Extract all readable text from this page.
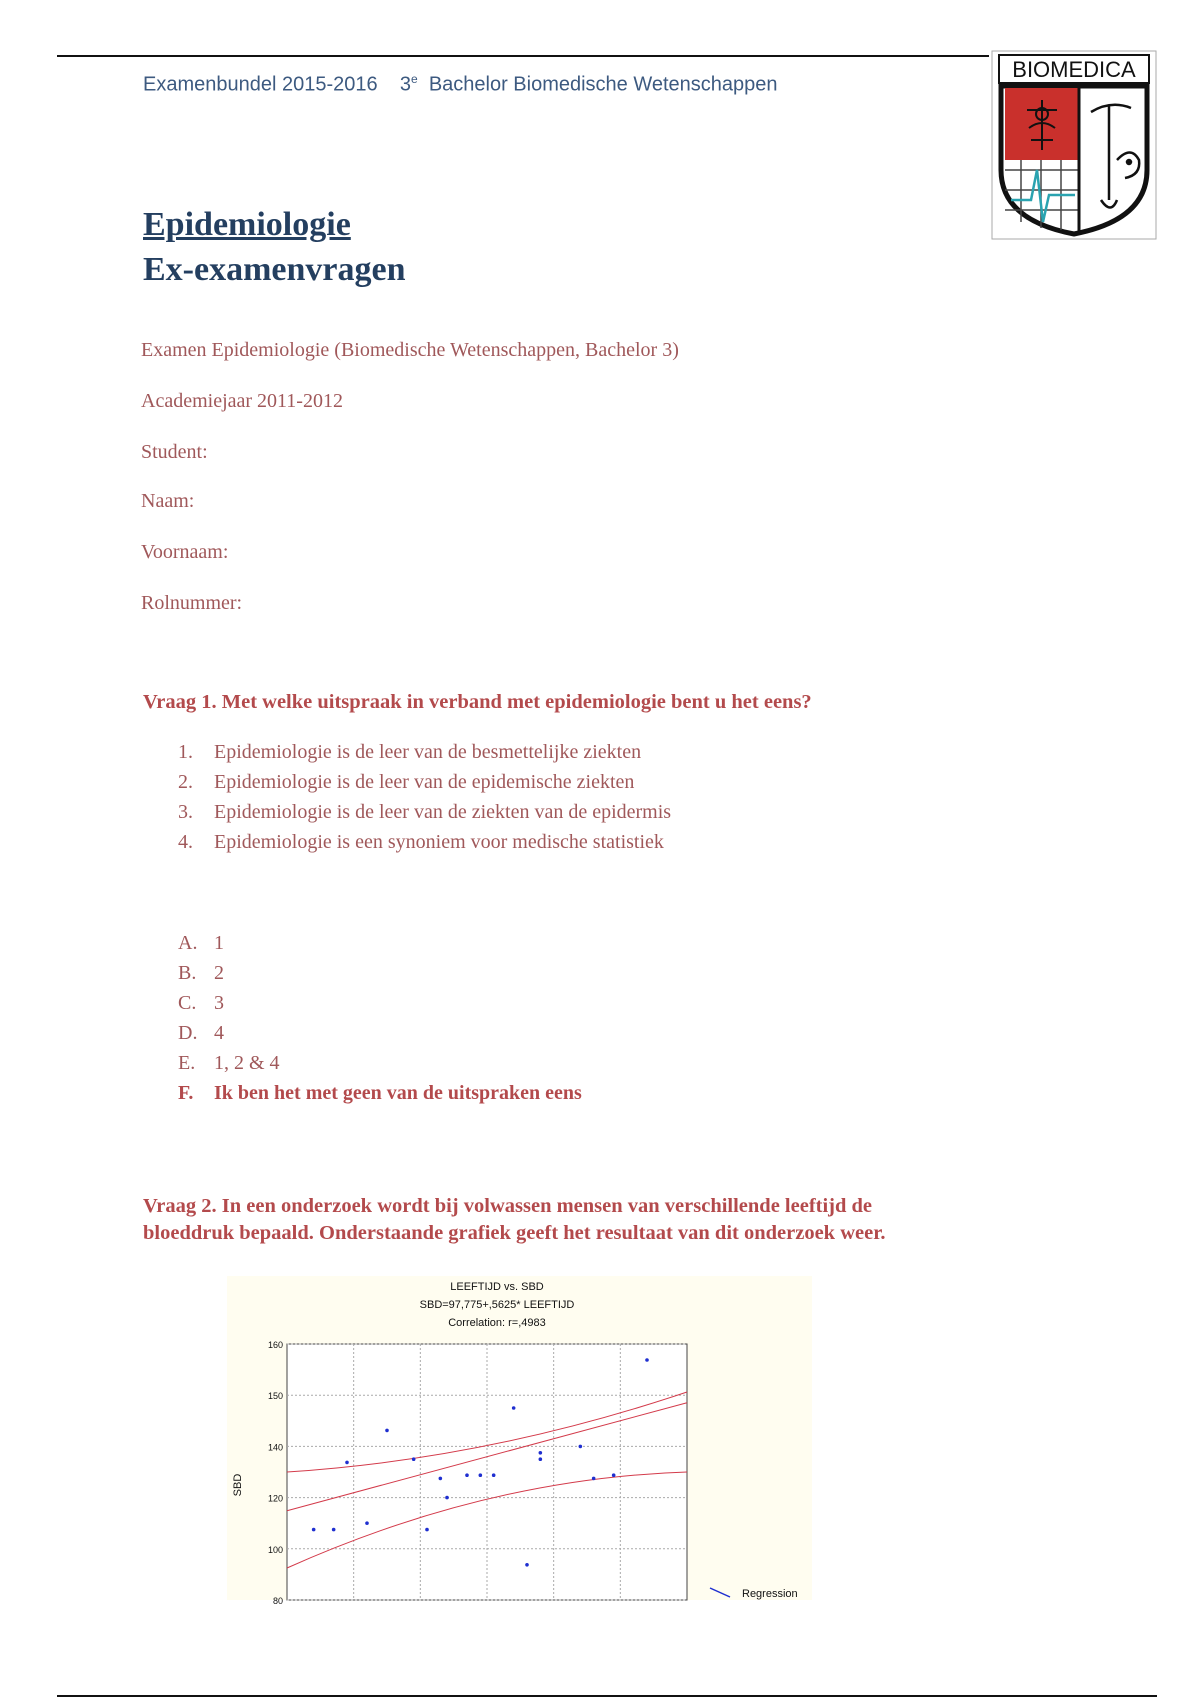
Examenbundel 2015-2016 3e Bachelor Biomedische Wetenschappen
BIOMEDICA
Epidemiologie
Ex-examenvragen
Examen Epidemiologie (Biomedische Wetenschappen, Bachelor 3)
Academiejaar 2011-2012
Student:
Naam:
Voornaam:
Rolnummer:
Vraag 1. Met welke uitspraak in verband met epidemiologie bent u het eens?
1.	Epidemiologie is de leer van de besmettelijke ziekten
2.	Epidemiologie is de leer van de epidemische ziekten
3.	Epidemiologie is de leer van de ziekten van de epidermis
4.	Epidemiologie is een synoniem voor medische statistiek
A. 1
B. 2
C. 3
D. 4
E. 1, 2 & 4
F.	Ik ben het met geen van de uitspraken eens
Vraag 2. In een onderzoek wordt bij volwassen mensen van verschillende leeftijd de
bloeddruk bepaald. Onderstaande grafiek geeft het resultaat van dit onderzoek weer.
LEEFTIJD vs. SBD
SBD=97,775+,5625* LEEFTIJD
Correlation: r=,4983
160
150
140
120
100
80
SBD
Regression
